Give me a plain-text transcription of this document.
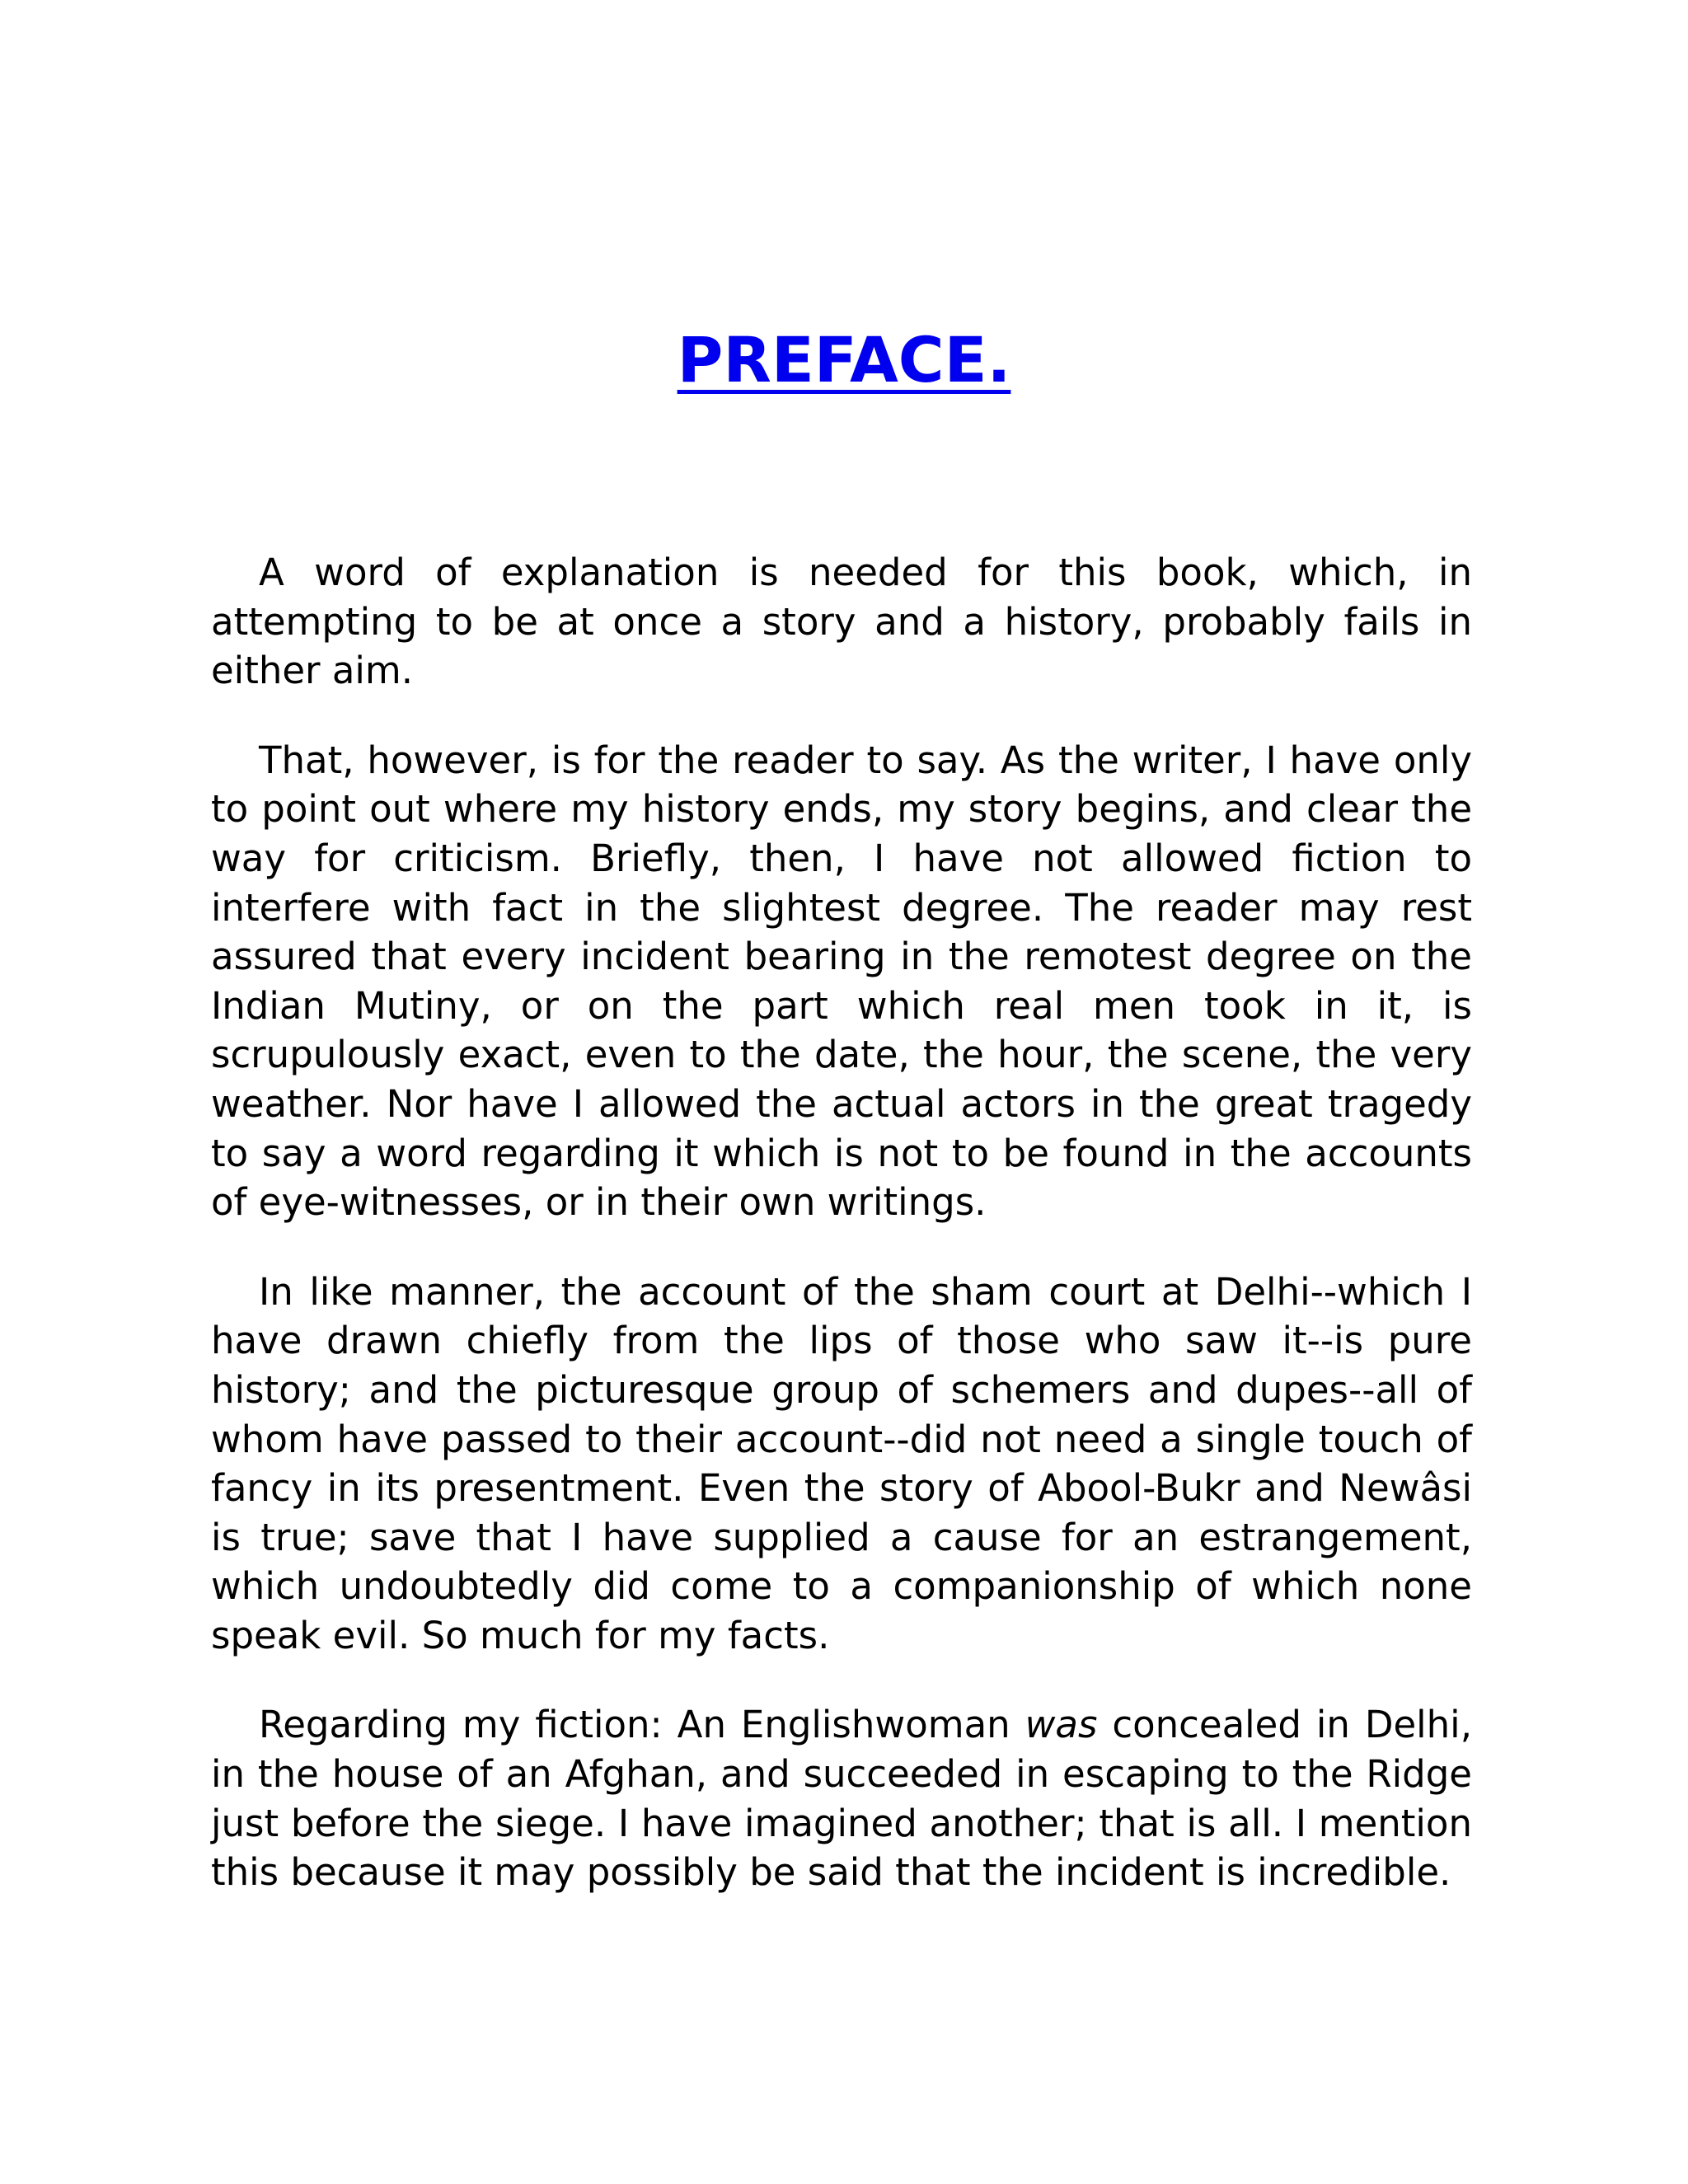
PREFACE.

A word of explanation is needed for this book, which, in attempting to be at once a story and a history, probably fails in either aim.

That, however, is for the reader to say. As the writer, I have only to point out where my history ends, my story begins, and clear the way for criticism. Briefly, then, I have not allowed fiction to interfere with fact in the slightest degree. The reader may rest assured that every incident bearing in the remotest degree on the Indian Mutiny, or on the part which real men took in it, is scrupulously exact, even to the date, the hour, the scene, the very weather. Nor have I allowed the actual actors in the great tragedy to say a word regarding it which is not to be found in the accounts of eye-witnesses, or in their own writings.

In like manner, the account of the sham court at Delhi--which I have drawn chiefly from the lips of those who saw it--is pure history; and the picturesque group of schemers and dupes--all of whom have passed to their account--did not need a single touch of fancy in its presentment. Even the story of Abool-Bukr and Newâsi is true; save that I have supplied a cause for an estrangement, which undoubtedly did come to a companionship of which none speak evil. So much for my facts.

Regarding my fiction: An Englishwoman was concealed in Delhi, in the house of an Afghan, and succeeded in escaping to the Ridge just before the siege. I have imagined another; that is all. I mention this because it may possibly be said that the incident is incredible.
